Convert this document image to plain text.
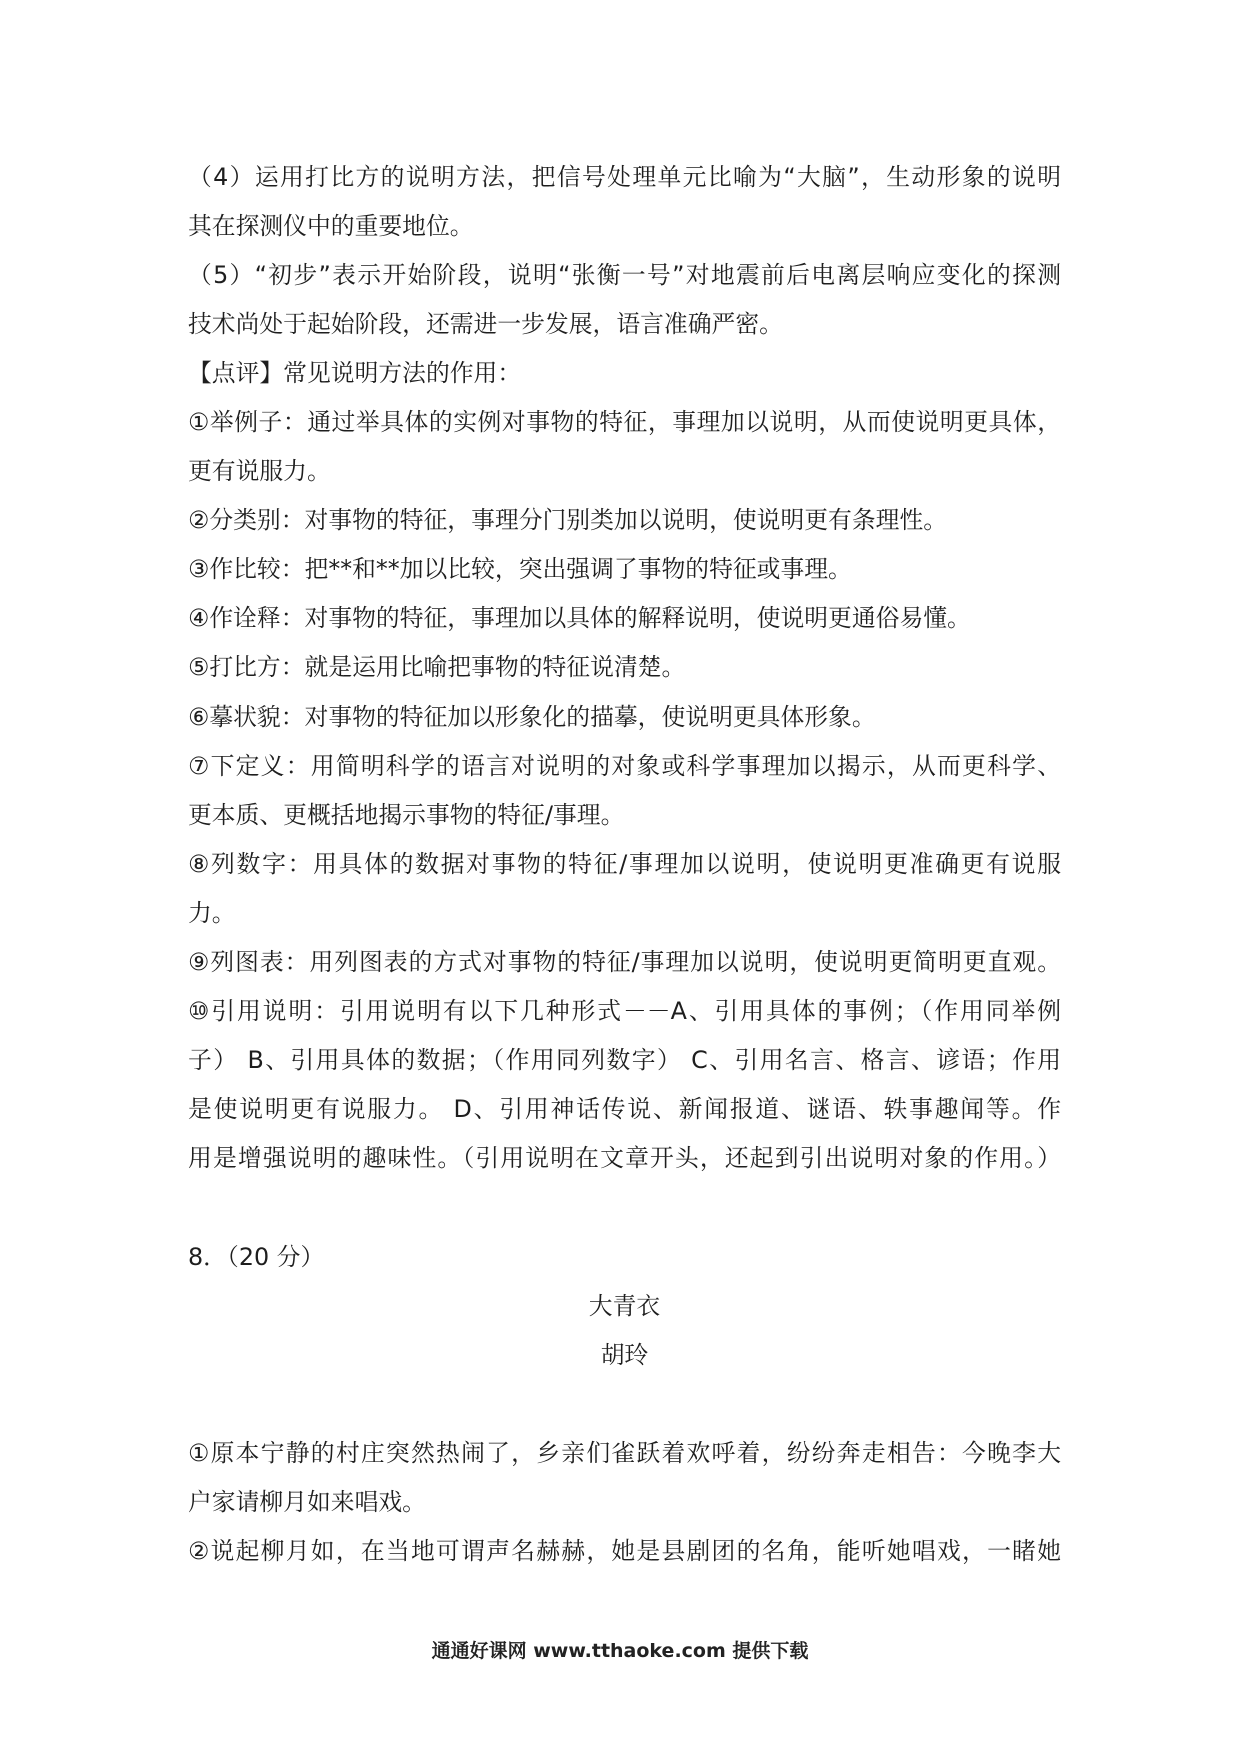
（4）运用打比方的说明方法，把信号处理单元比喻为“大脑”，生动形象的说明
其在探测仪中的重要地位。
（5）“初步”表示开始阶段，说明“张衡一号”对地震前后电离层响应变化的探测
技术尚处于起始阶段，还需进一步发展，语言准确严密。
【点评】常见说明方法的作用：
①举例子：通过举具体的实例对事物的特征，事理加以说明，从而使说明更具体，
更有说服力。
②分类别：对事物的特征，事理分门别类加以说明，使说明更有条理性。
③作比较：把**和**加以比较，突出强调了事物的特征或事理。
④作诠释：对事物的特征，事理加以具体的解释说明，使说明更通俗易懂。
⑤打比方：就是运用比喻把事物的特征说清楚。
⑥摹状貌：对事物的特征加以形象化的描摹，使说明更具体形象。
⑦下定义：用简明科学的语言对说明的对象或科学事理加以揭示，从而更科学、
更本质、更概括地揭示事物的特征/事理。
⑧列数字：用具体的数据对事物的特征/事理加以说明，使说明更准确更有说服
力。
⑨列图表：用列图表的方式对事物的特征/事理加以说明，使说明更简明更直观。
⑩引用说明：引用说明有以下几种形式－－A、引用具体的事例；（作用同举例
子） B、引用具体的数据；（作用同列数字） C、引用名言、格言、谚语；作用
是使说明更有说服力。 D、引用神话传说、新闻报道、谜语、轶事趣闻等。作
用是增强说明的趣味性。（引用说明在文章开头，还起到引出说明对象的作用。）
8．（20 分）
大青衣
胡玲
①原本宁静的村庄突然热闹了，乡亲们雀跃着欢呼着，纷纷奔走相告：今晚李大
户家请柳月如来唱戏。
②说起柳月如，在当地可谓声名赫赫，她是县剧团的名角，能听她唱戏，一睹她
通通好课网 www.tthaoke.com 提供下载
